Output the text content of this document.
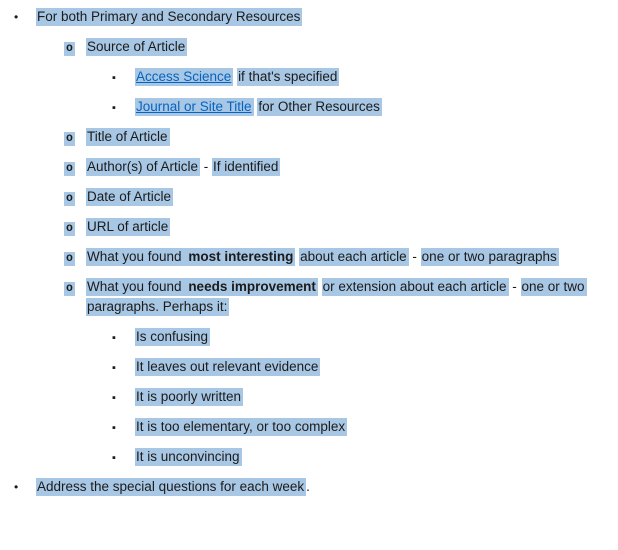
•	For both Primary and Secondary Resources
o	Source of Article
▪	Access Science if that's specified
▪	Journal or Site Title for Other Resources
o	Title of Article
o	Author(s) of Article - If identified
o	Date of Article
o	URL of article
o	What you found most interesting about each article - one or two paragraphs
o	What you found needs improvement or extension about each article - one or two
paragraphs. Perhaps it:
▪	Is confusing
▪	It leaves out relevant evidence
▪	It is poorly written
▪	It is too elementary, or too complex
▪	It is unconvincing
•	Address the special questions for each week .
